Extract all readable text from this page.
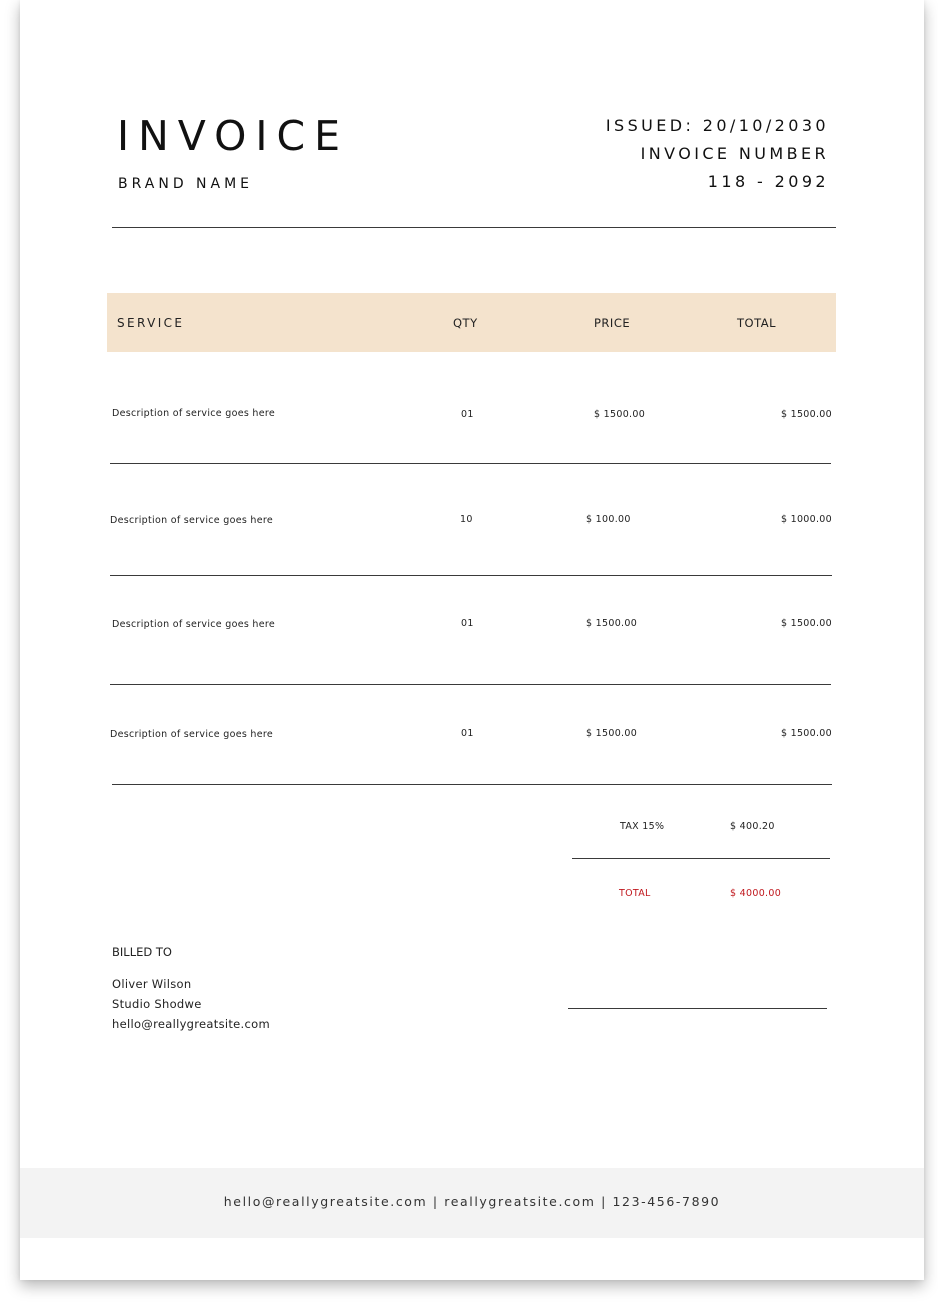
INVOICE
BRAND NAME
ISSUED: 20/10/2030
INVOICE NUMBER
118 - 2092
SERVICE	QTY	PRICE	TOTAL
Description of service goes here	01	$ 1500.00	$ 1500.00
Description of service goes here	10	$ 100.00	$ 1000.00
Description of service goes here	01	$ 1500.00	$ 1500.00
Description of service goes here	01	$ 1500.00	$ 1500.00
TAX 15%	$ 400.20
TOTAL	$ 4000.00
BILLED TO
Oliver Wilson
Studio Shodwe
hello@reallygreatsite.com
hello@reallygreatsite.com | reallygreatsite.com | 123-456-7890
